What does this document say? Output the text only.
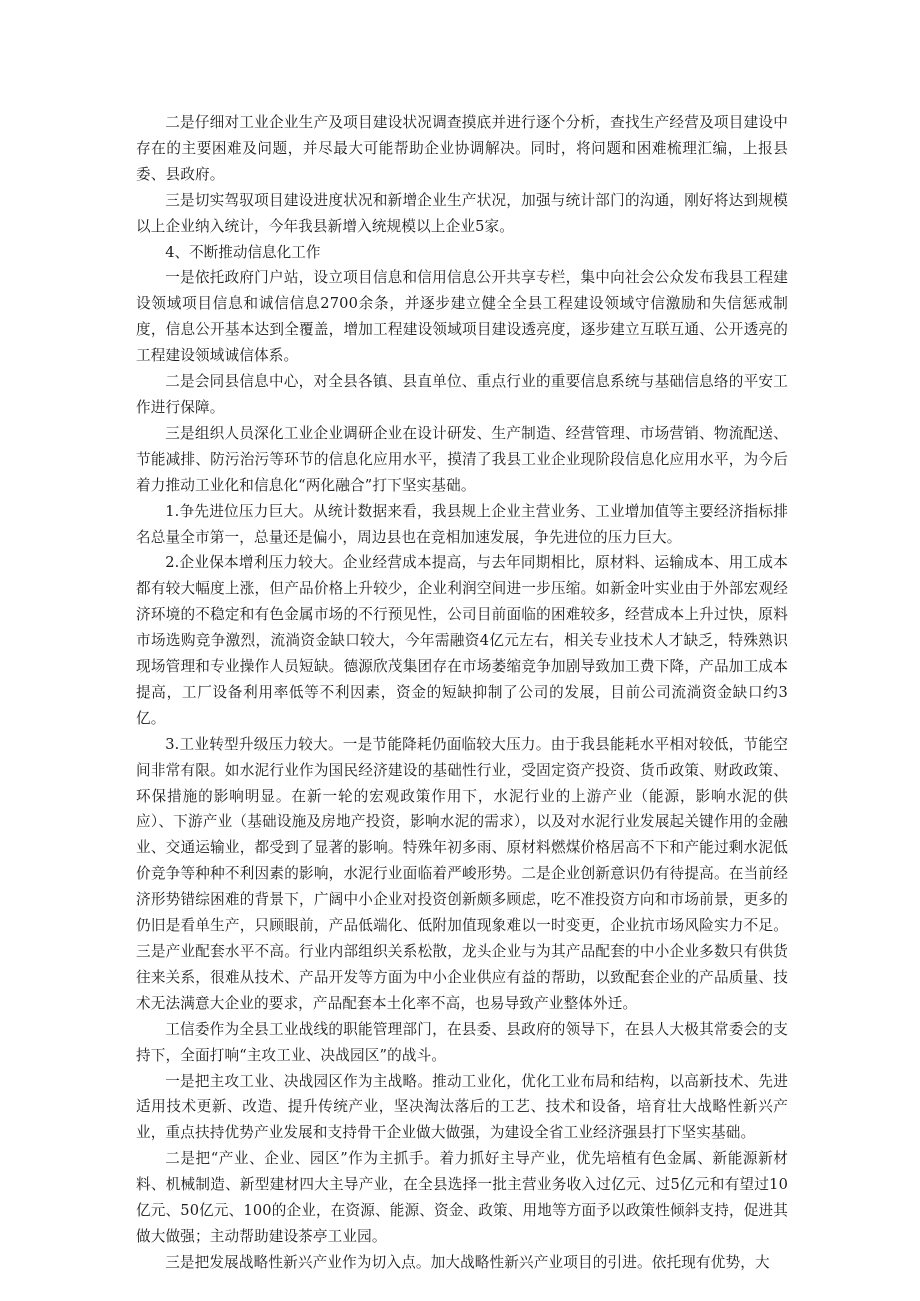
二是仔细对工业企业生产及项目建设状况调查摸底并进行逐个分析，查找生产经营及项目建设中存在的主要困难及问题，并尽最大可能帮助企业协调解决。同时，将问题和困难梳理汇编，上报县委、县政府。

三是切实驾驭项目建设进度状况和新增企业生产状况，加强与统计部门的沟通，刚好将达到规模以上企业纳入统计，今年我县新增入统规模以上企业5家。

4、不断推动信息化工作

一是依托政府门户站，设立项目信息和信用信息公开共享专栏，集中向社会公众发布我县工程建设领域项目信息和诚信信息2700余条，并逐步建立健全全县工程建设领域守信激励和失信惩戒制度，信息公开基本达到全覆盖，增加工程建设领域项目建设透亮度，逐步建立互联互通、公开透亮的工程建设领域诚信体系。

二是会同县信息中心，对全县各镇、县直单位、重点行业的重要信息系统与基础信息络的平安工作进行保障。

三是组织人员深化工业企业调研企业在设计研发、生产制造、经营管理、市场营销、物流配送、节能减排、防污治污等环节的信息化应用水平，摸清了我县工业企业现阶段信息化应用水平，为今后着力推动工业化和信息化“两化融合”打下坚实基础。

1.争先进位压力巨大。从统计数据来看，我县规上企业主营业务、工业增加值等主要经济指标排名总量全市第一，总量还是偏小，周边县也在竞相加速发展，争先进位的压力巨大。

2.企业保本增利压力较大。企业经营成本提高，与去年同期相比，原材料、运输成本、用工成本都有较大幅度上涨，但产品价格上升较少，企业利润空间进一步压缩。如新金叶实业由于外部宏观经济环境的不稳定和有色金属市场的不行预见性，公司目前面临的困难较多，经营成本上升过快，原料市场选购竞争激烈，流淌资金缺口较大，今年需融资4亿元左右，相关专业技术人才缺乏，特殊熟识现场管理和专业操作人员短缺。德源欣茂集团存在市场萎缩竞争加剧导致加工费下降，产品加工成本提高，工厂设备利用率低等不利因素，资金的短缺抑制了公司的发展，目前公司流淌资金缺口约3亿。

3.工业转型升级压力较大。一是节能降耗仍面临较大压力。由于我县能耗水平相对较低，节能空间非常有限。如水泥行业作为国民经济建设的基础性行业，受固定资产投资、货币政策、财政政策、环保措施的影响明显。在新一轮的宏观政策作用下，水泥行业的上游产业（能源，影响水泥的供应）、下游产业（基础设施及房地产投资，影响水泥的需求），以及对水泥行业发展起关键作用的金融业、交通运输业，都受到了显著的影响。特殊年初多雨、原材料燃煤价格居高不下和产能过剩水泥低价竞争等种种不利因素的影响，水泥行业面临着严峻形势。二是企业创新意识仍有待提高。在当前经济形势错综困难的背景下，广阔中小企业对投资创新颇多顾虑，吃不准投资方向和市场前景，更多的仍旧是看单生产，只顾眼前，产品低端化、低附加值现象难以一时变更，企业抗市场风险实力不足。三是产业配套水平不高。行业内部组织关系松散，龙头企业与为其产品配套的中小企业多数只有供货往来关系，很难从技术、产品开发等方面为中小企业供应有益的帮助，以致配套企业的产品质量、技术无法满意大企业的要求，产品配套本土化率不高，也易导致产业整体外迁。

工信委作为全县工业战线的职能管理部门，在县委、县政府的领导下，在县人大极其常委会的支持下，全面打响“主攻工业、决战园区”的战斗。

一是把主攻工业、决战园区作为主战略。推动工业化，优化工业布局和结构，以高新技术、先进适用技术更新、改造、提升传统产业，坚决淘汰落后的工艺、技术和设备，培育壮大战略性新兴产业，重点扶持优势产业发展和支持骨干企业做大做强，为建设全省工业经济强县打下坚实基础。

二是把“产业、企业、园区”作为主抓手。着力抓好主导产业，优先培植有色金属、新能源新材料、机械制造、新型建材四大主导产业，在全县选择一批主营业务收入过亿元、过5亿元和有望过10亿元、50亿元、100的企业，在资源、能源、资金、政策、用地等方面予以政策性倾斜支持，促进其做大做强；主动帮助建设茶亭工业园。

三是把发展战略性新兴产业作为切入点。加大战略性新兴产业项目的引进。依托现有优势，大
